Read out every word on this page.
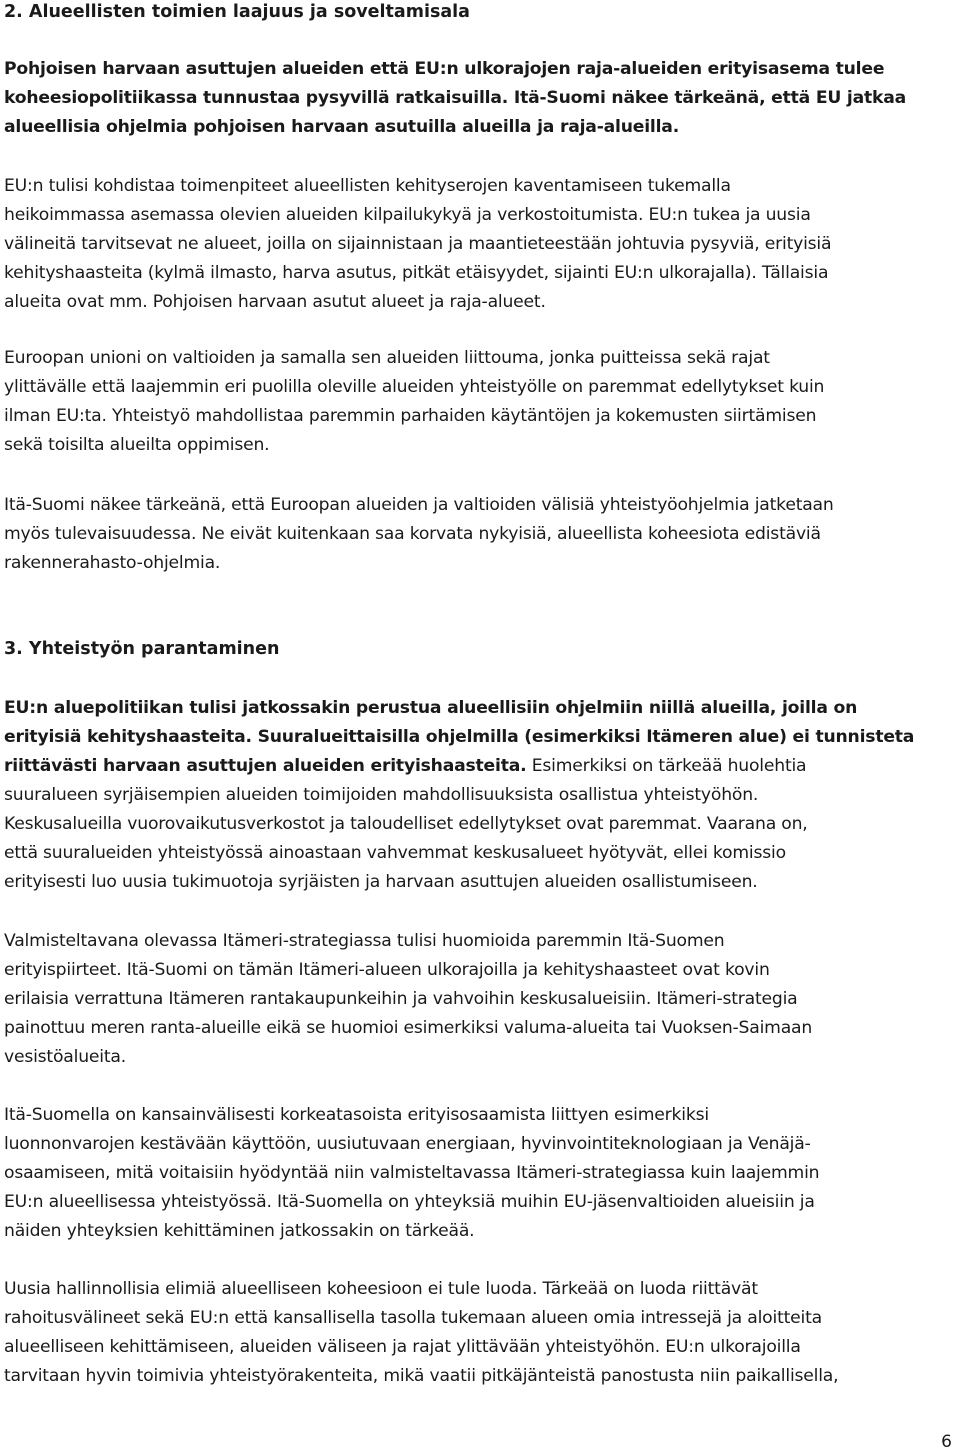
2. Alueellisten toimien laajuus ja soveltamisala
Pohjoisen harvaan asuttujen alueiden että EU:n ulkorajojen raja-alueiden erityisasema tulee
koheesiopolitiikassa tunnustaa pysyvillä ratkaisuilla. Itä-Suomi näkee tärkeänä, että EU jatkaa
alueellisia ohjelmia pohjoisen harvaan asutuilla alueilla ja raja-alueilla.
EU:n tulisi kohdistaa toimenpiteet alueellisten kehityserojen kaventamiseen tukemalla
heikoimmassa asemassa olevien alueiden kilpailukykyä ja verkostoitumista. EU:n tukea ja uusia
välineitä tarvitsevat ne alueet, joilla on sijainnistaan ja maantieteestään johtuvia pysyviä, erityisiä
kehityshaasteita (kylmä ilmasto, harva asutus, pitkät etäisyydet, sijainti EU:n ulkorajalla). Tällaisia
alueita ovat mm. Pohjoisen harvaan asutut alueet ja raja-alueet.
Euroopan unioni on valtioiden ja samalla sen alueiden liittouma, jonka puitteissa sekä rajat
ylittävälle että laajemmin eri puolilla oleville alueiden yhteistyölle on paremmat edellytykset kuin
ilman EU:ta. Yhteistyö mahdollistaa paremmin parhaiden käytäntöjen ja kokemusten siirtämisen
sekä toisilta alueilta oppimisen.
Itä-Suomi näkee tärkeänä, että Euroopan alueiden ja valtioiden välisiä yhteistyöohjelmia jatketaan
myös tulevaisuudessa. Ne eivät kuitenkaan saa korvata nykyisiä, alueellista koheesiota edistäviä
rakennerahasto-ohjelmia.
3. Yhteistyön parantaminen
EU:n aluepolitiikan tulisi jatkossakin perustua alueellisiin ohjelmiin niillä alueilla, joilla on
erityisiä kehityshaasteita. Suuralueittaisilla ohjelmilla (esimerkiksi Itämeren alue) ei tunnisteta
riittävästi harvaan asuttujen alueiden erityishaasteita. Esimerkiksi on tärkeää huolehtia
suuralueen syrjäisempien alueiden toimijoiden mahdollisuuksista osallistua yhteistyöhön.
Keskusalueilla vuorovaikutusverkostot ja taloudelliset edellytykset ovat paremmat. Vaarana on,
että suuralueiden yhteistyössä ainoastaan vahvemmat keskusalueet hyötyvät, ellei komissio
erityisesti luo uusia tukimuotoja syrjäisten ja harvaan asuttujen alueiden osallistumiseen.
Valmisteltavana olevassa Itämeri-strategiassa tulisi huomioida paremmin Itä-Suomen
erityispiirteet. Itä-Suomi on tämän Itämeri-alueen ulkorajoilla ja kehityshaasteet ovat kovin
erilaisia verrattuna Itämeren rantakaupunkeihin ja vahvoihin keskusalueisiin. Itämeri-strategia
painottuu meren ranta-alueille eikä se huomioi esimerkiksi valuma-alueita tai Vuoksen-Saimaan
vesistöalueita.
Itä-Suomella on kansainvälisesti korkeatasoista erityisosaamista liittyen esimerkiksi
luonnonvarojen kestävään käyttöön, uusiutuvaan energiaan, hyvinvointiteknologiaan ja Venäjä-
osaamiseen, mitä voitaisiin hyödyntää niin valmisteltavassa Itämeri-strategiassa kuin laajemmin
EU:n alueellisessa yhteistyössä. Itä-Suomella on yhteyksiä muihin EU-jäsenvaltioiden alueisiin ja
näiden yhteyksien kehittäminen jatkossakin on tärkeää.
Uusia hallinnollisia elimiä alueelliseen koheesioon ei tule luoda. Tärkeää on luoda riittävät
rahoitusvälineet sekä EU:n että kansallisella tasolla tukemaan alueen omia intressejä ja aloitteita
alueelliseen kehittämiseen, alueiden väliseen ja rajat ylittävään yhteistyöhön. EU:n ulkorajoilla
tarvitaan hyvin toimivia yhteistyörakenteita, mikä vaatii pitkäjänteistä panostusta niin paikallisella,
6
